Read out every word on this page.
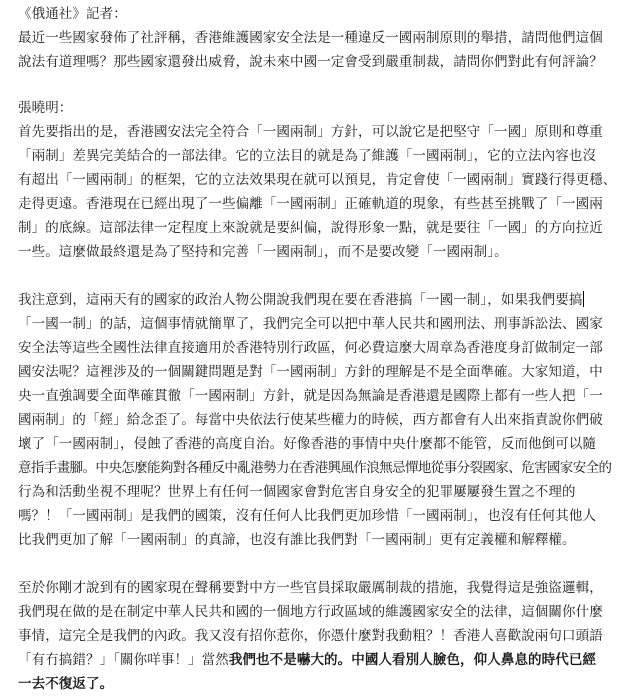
《俄通社》記者：
最近一些國家發佈了社評稱，香港維護國家安全法是一種違反一國兩制原則的舉措，請問他們這個
說法有道理嗎？那些國家還發出威脅，說未來中國一定會受到嚴重制裁，請問你們對此有何評論？
張曉明：
首先要指出的是，香港國安法完全符合「一國兩制」方針，可以說它是把堅守「一國」原則和尊重
「兩制」差異完美結合的一部法律。它的立法目的就是為了維護「一國兩制」，它的立法內容也沒
有超出「一國兩制」的框架，它的立法效果現在就可以預見，肯定會使「一國兩制」實踐行得更穩、
走得更遠。香港現在已經出現了一些偏離「一國兩制」正確軌道的現象，有些甚至挑戰了「一國兩
制」的底線。這部法律一定程度上來說就是要糾偏，說得形象一點，就是要往「一國」的方向拉近
一些。這麼做最終還是為了堅持和完善「一國兩制」，而不是要改變「一國兩制」。
我注意到，這兩天有的國家的政治人物公開說我們現在要在香港搞「一國一制」，如果我們要搞
「一國一制」的話，這個事情就簡單了，我們完全可以把中華人民共和國刑法、刑事訴訟法、國家
安全法等這些全國性法律直接適用於香港特別行政區，何必費這麼大周章為香港度身訂做制定一部
國安法呢？這裡涉及的一個關鍵問題是對「一國兩制」方針的理解是不是全面準確。大家知道，中
央一直強調要全面準確貫徹「一國兩制」方針，就是因為無論是香港還是國際上都有一些人把「一
國兩制」的「經」給念歪了。每當中央依法行使某些權力的時候，西方都會有人出來指責說你們破
壞了「一國兩制」，侵蝕了香港的高度自治。好像香港的事情中央什麼都不能管，反而他倒可以隨
意指手畫腳。中央怎麼能夠對各種反中亂港勢力在香港興風作浪無忌憚地從事分裂國家、危害國家安全的
行為和活動坐視不理呢？世界上有任何一個國家會對危害自身安全的犯罪屢屢發生置之不理的
嗎？！「一國兩制」是我們的國策，沒有任何人比我們更加珍惜「一國兩制」，也沒有任何其他人
比我們更加了解「一國兩制」的真諦，也沒有誰比我們對「一國兩制」更有定義權和解釋權。
至於你剛才說到有的國家現在聲稱要對中方一些官員採取嚴厲制裁的措施，我覺得這是強盜邏輯，
我們現在做的是在制定中華人民共和國的一個地方行政區域的維護國家安全的法律，這個關你什麼
事情，這完全是我們的內政。我又沒有招你惹你，你憑什麼對我動粗？！香港人喜歡說兩句口頭語
「有冇搞錯？」「關你咩事！」當然我們也不是嚇大的。中國人看別人臉色，仰人鼻息的時代已經
一去不復返了。
